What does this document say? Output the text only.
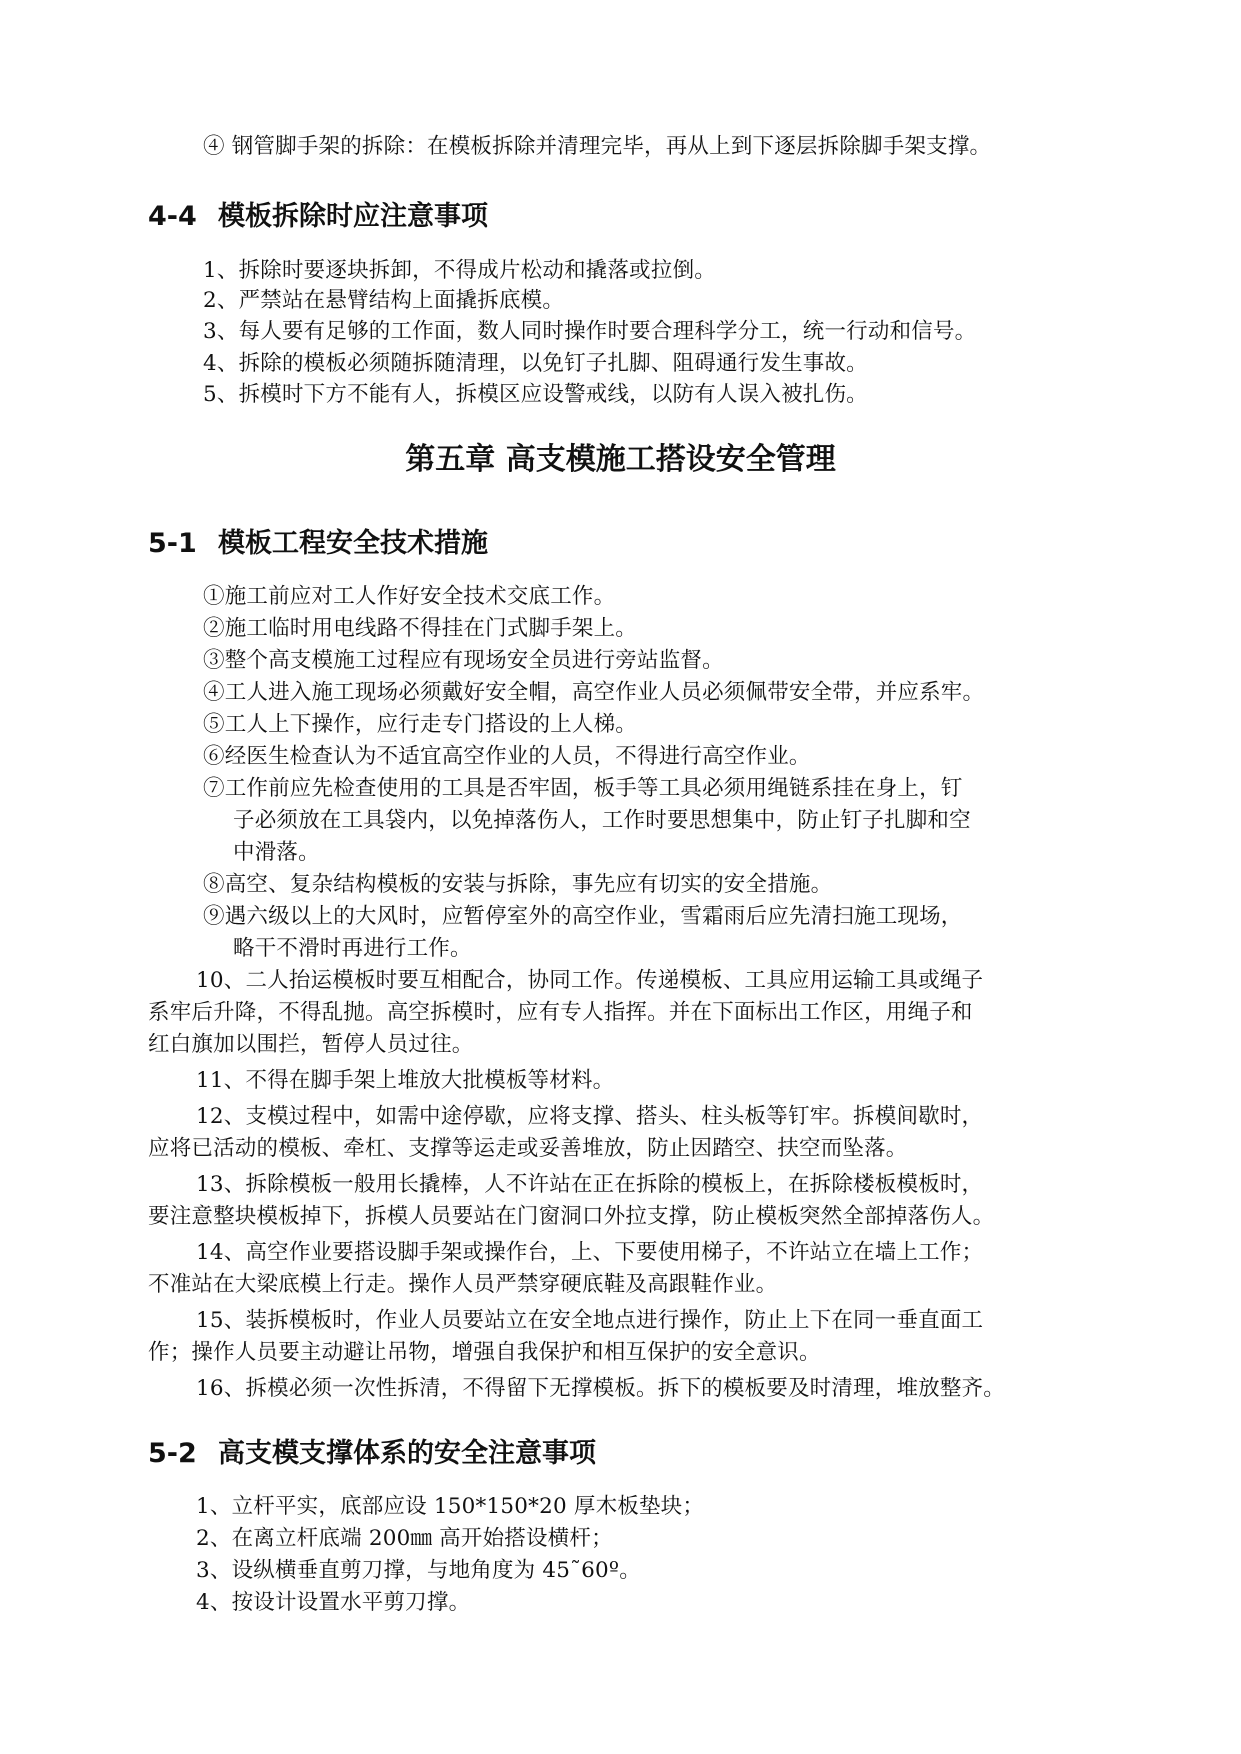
④ 钢管脚手架的拆除：在模板拆除并清理完毕，再从上到下逐层拆除脚手架支撑。
4-4 模板拆除时应注意事项
1、拆除时要逐块拆卸，不得成片松动和撬落或拉倒。
2、严禁站在悬臂结构上面撬拆底模。
3、每人要有足够的工作面，数人同时操作时要合理科学分工，统一行动和信号。
4、拆除的模板必须随拆随清理，以免钉子扎脚、阻碍通行发生事故。
5、拆模时下方不能有人，拆模区应设警戒线，以防有人误入被扎伤。
第五章 高支模施工搭设安全管理
5-1 模板工程安全技术措施
①施工前应对工人作好安全技术交底工作。
②施工临时用电线路不得挂在门式脚手架上。
③整个高支模施工过程应有现场安全员进行旁站监督。
④工人进入施工现场必须戴好安全帽，高空作业人员必须佩带安全带，并应系牢。
⑤工人上下操作，应行走专门搭设的上人梯。
⑥经医生检查认为不适宜高空作业的人员，不得进行高空作业。
⑦工作前应先检查使用的工具是否牢固，板手等工具必须用绳链系挂在身上，钉
子必须放在工具袋内，以免掉落伤人，工作时要思想集中，防止钉子扎脚和空
中滑落。
⑧高空、复杂结构模板的安装与拆除，事先应有切实的安全措施。
⑨遇六级以上的大风时，应暂停室外的高空作业，雪霜雨后应先清扫施工现场，
略干不滑时再进行工作。
10、二人抬运模板时要互相配合，协同工作。传递模板、工具应用运输工具或绳子
系牢后升降，不得乱抛。高空拆模时，应有专人指挥。并在下面标出工作区，用绳子和
红白旗加以围拦，暂停人员过往。
11、不得在脚手架上堆放大批模板等材料。
12、支模过程中，如需中途停歇，应将支撑、搭头、柱头板等钉牢。拆模间歇时，
应将已活动的模板、牵杠、支撑等运走或妥善堆放，防止因踏空、扶空而坠落。
13、拆除模板一般用长撬棒，人不许站在正在拆除的模板上，在拆除楼板模板时，
要注意整块模板掉下，拆模人员要站在门窗洞口外拉支撑，防止模板突然全部掉落伤人。
14、高空作业要搭设脚手架或操作台，上、下要使用梯子，不许站立在墙上工作；
不准站在大梁底模上行走。操作人员严禁穿硬底鞋及高跟鞋作业。
15、装拆模板时，作业人员要站立在安全地点进行操作，防止上下在同一垂直面工
作；操作人员要主动避让吊物，增强自我保护和相互保护的安全意识。
16、拆模必须一次性拆清，不得留下无撑模板。拆下的模板要及时清理，堆放整齐。
5-2 高支模支撑体系的安全注意事项
1、立杆平实，底部应设 150*150*20 厚木板垫块；
2、在离立杆底端 200㎜ 高开始搭设横杆；
3、设纵横垂直剪刀撑，与地角度为 45˜60º。
4、按设计设置水平剪刀撑。
